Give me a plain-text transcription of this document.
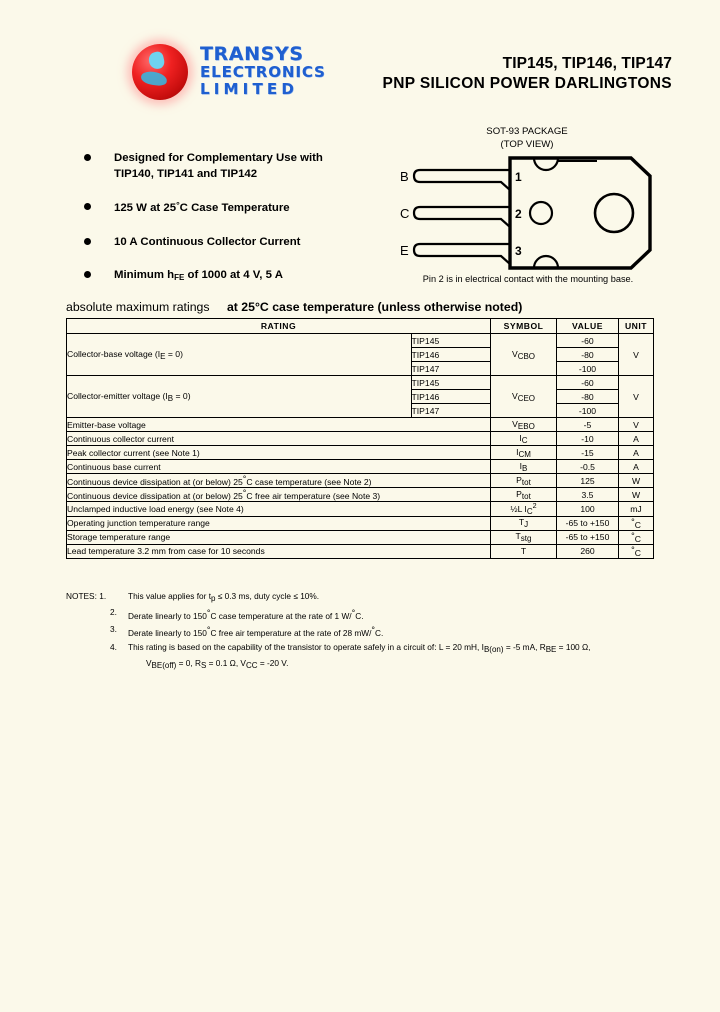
TRANSYS
ELECTRONICS
LIMITED
TIP145, TIP146, TIP147
PNP SILICON POWER DARLINGTONS
Designed for Complementary Use with
TIP140, TIP141 and TIP142
125 W at 25°C Case Temperature
10 A Continuous Collector Current
Minimum $h_{FE}$ of 1000 at 4 V, 5 A
SOT-93 PACKAGE
(TOP VIEW)
B
C
E
1
2
3
Pin 2 is in electrical contact with the mounting base.
absolute maximum ratings at 25°C case temperature (unless otherwise noted)
RATING		SYMBOL	VALUE	UNIT
Collector-base voltage $(I_E = 0)$	TIP145	$V_{CBO}$	-60	V
	TIP146		-80	
	TIP147		-100	
Collector-emitter voltage $(I_B = 0)$	TIP145	$V_{CEO}$	-60	V
	TIP146		-80	
	TIP147		-100	
Emitter-base voltage		$V_{EBO}$	-5	V
Continuous collector current		$I_C$	-10	A
Peak collector current (see Note 1)		$I_{CM}$	-15	A
Continuous base current		$I_B$	-0.5	A
Continuous device dissipation at (or below) 25°C case temperature (see Note 2)		$P_{tot}$	125	W
Continuous device dissipation at (or below) 25°C free air temperature (see Note 3)		$P_{tot}$	3.5	W
Unclamped inductive load energy (see Note 4)		½L $I_C^2$	100	mJ
Operating junction temperature range		$T_J$	-65 to +150	°C
Storage temperature range		$T_{stg}$	-65 to +150	°C
Lead temperature 3.2 mm from case for 10 seconds		T	260	°C
NOTES: 1.	This value applies for $t_p \le 0.3$ ms, duty cycle ≤ 10%.
2.	Derate linearly to 150°C case temperature at the rate of 1 W/°C.
3.	Derate linearly to 150°C free air temperature at the rate of 28 mW/°C.
4.	This rating is based on the capability of the transistor to operate safely in a circuit of: L = 20 mH, $I_{B(on)} = -5$ mA, $R_{BE} = 100$ Ω,
$V_{BE(off)} = 0$, $R_S = 0.1$ Ω, $V_{CC} = -20$ V.
